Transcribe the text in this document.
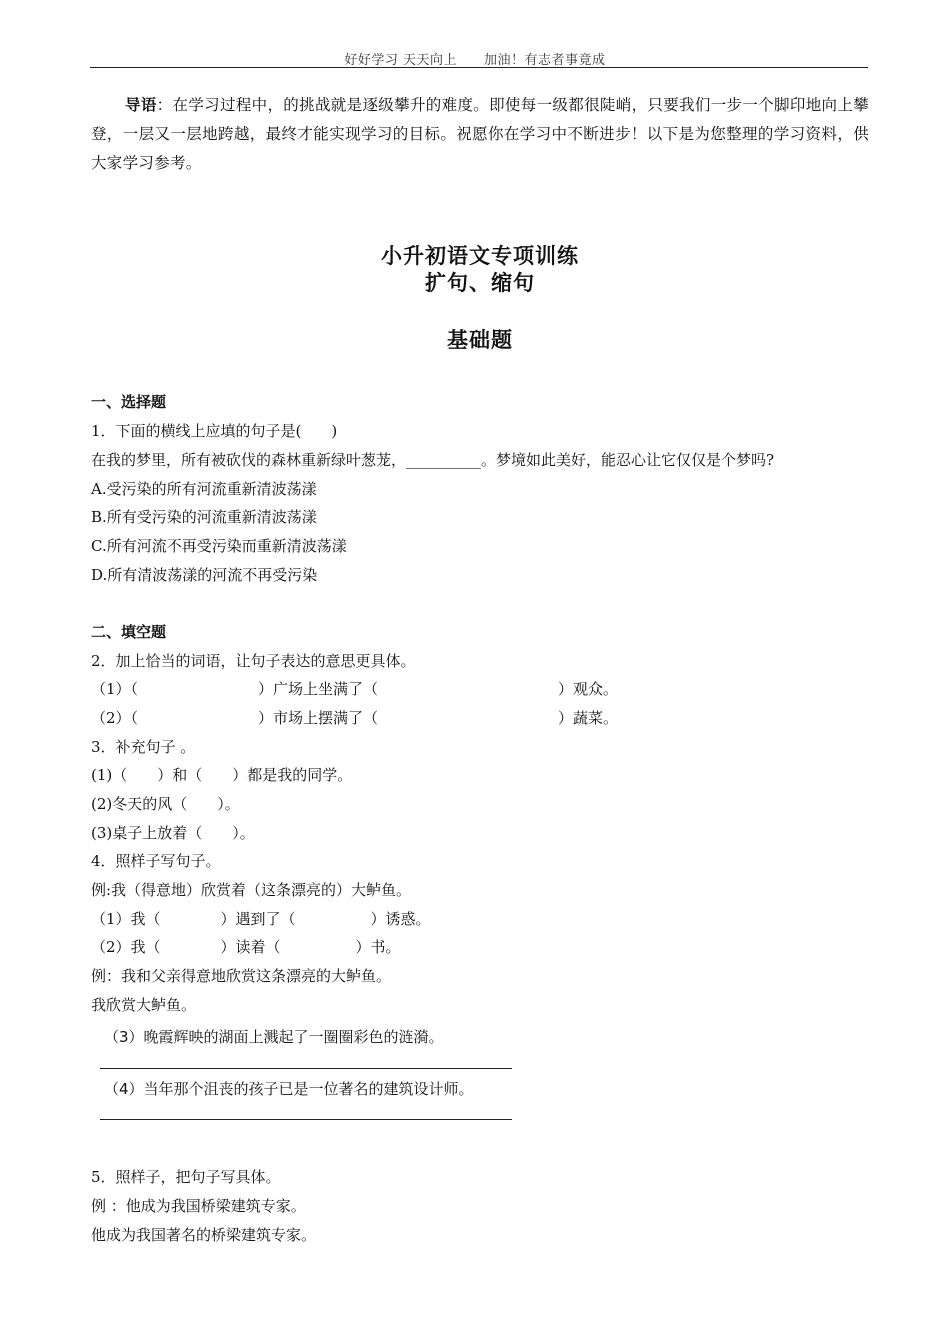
好好学习 天天向上　　加油！有志者事竟成
导语：在学习过程中，的挑战就是逐级攀升的难度。即使每一级都很陡峭，只要我们一步一个脚印地向上攀登，一层又一层地跨越，最终才能实现学习的目标。祝愿你在学习中不断进步！以下是为您整理的学习资料，供大家学习参考。
小升初语文专项训练
扩句、缩句
基础题
一、选择题
1．下面的横线上应填的句子是(　　)
在我的梦里，所有被砍伐的森林重新绿叶葱茏，__________。梦境如此美好，能忍心让它仅仅是个梦吗?
A.受污染的所有河流重新清波荡漾
B.所有受污染的河流重新清波荡漾
C.所有河流不再受污染而重新清波荡漾
D.所有清波荡漾的河流不再受污染
二、填空题
2．加上恰当的词语，让句子表达的意思更具体。
（1）（　　　　　　　　）广场上坐满了（　　　　　　　　　　　　）观众。
（2）（　　　　　　　　）市场上摆满了（　　　　　　　　　　　　）蔬菜。
3．补充句子 。
(1)（　　）和（　　）都是我的同学。
(2)冬天的风（　　）。
(3)桌子上放着（　　）。
4．照样子写句子。
例:我（得意地）欣赏着（这条漂亮的）大鲈鱼。
（1）我（　　　　）遇到了（　　　　　）诱惑。
（2）我（　　　　）读着（　　　　　）书。
例：我和父亲得意地欣赏这条漂亮的大鲈鱼。
我欣赏大鲈鱼。
（3）晚霞辉映的湖面上溅起了一圈圈彩色的涟漪。
（4）当年那个沮丧的孩子已是一位著名的建筑设计师。
5．照样子，把句子写具体。
例 ：他成为我国桥梁建筑专家。
他成为我国著名的桥梁建筑专家。
